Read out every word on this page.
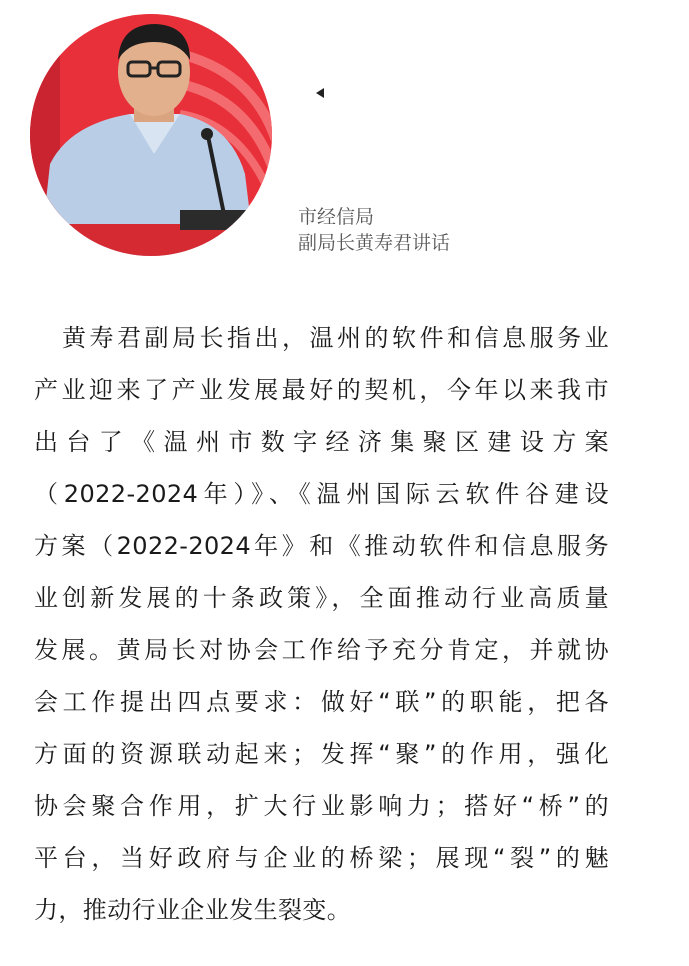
市经信局
副局长黄寿君讲话
黄寿君副局长指出，温州的软件和信息服务业
产业迎来了产业发展最好的契机，今年以来我市
出台了《温州市数字经济集聚区建设方案
（2022-2024年）》、《温州国际云软件谷建设
方案（2022-2024年》和《推动软件和信息服务
业创新发展的十条政策》，全面推动行业高质量
发展。黄局长对协会工作给予充分肯定，并就协
会工作提出四点要求：做好“联”的职能，把各
方面的资源联动起来；发挥“聚”的作用，强化
协会聚合作用，扩大行业影响力；搭好“桥”的
平台，当好政府与企业的桥梁；展现“裂”的魅
力，推动行业企业发生裂变。
